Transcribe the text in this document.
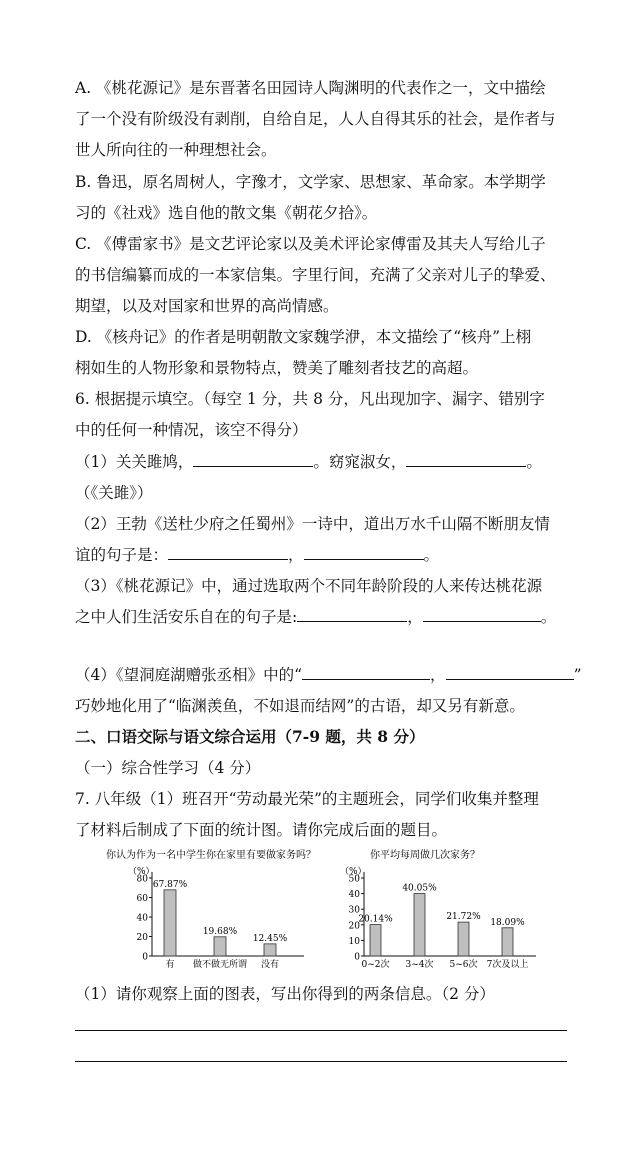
A. 《桃花源记》是东晋著名田园诗人陶渊明的代表作之一，文中描绘
了一个没有阶级没有剥削，自给自足，人人自得其乐的社会，是作者与
世人所向往的一种理想社会。
B. 鲁迅，原名周树人，字豫才，文学家、思想家、革命家。本学期学
习的《社戏》选自他的散文集《朝花夕拾》。
C. 《傅雷家书》是文艺评论家以及美术评论家傅雷及其夫人写给儿子
的书信编纂而成的一本家信集。字里行间，充满了父亲对儿子的挚爱、
期望，以及对国家和世界的高尚情感。
D. 《核舟记》的作者是明朝散文家魏学洢，本文描绘了“核舟”上栩
栩如生的人物形象和景物特点，赞美了雕刻者技艺的高超。
6. 根据提示填空。（每空 1 分，共 8 分，凡出现加字、漏字、错别字
中的任何一种情况，该空不得分）
（1）关关雎鸠，	。窈窕淑女，	。
（《关雎》）
（2）王勃《送杜少府之任蜀州》一诗中，道出万水千山隔不断朋友情
谊的句子是：	，	。
（3）《桃花源记》中，通过选取两个不同年龄阶段的人来传达桃花源
之中人们生活安乐自在的句子是:	，	。
（4）《望洞庭湖赠张丞相》中的“	，	”
巧妙地化用了“临渊羡鱼，不如退而结网”的古语，却又另有新意。
二、口语交际与语文综合运用（7-9 题，共 8 分）
（一）综合性学习（4 分）
7. 八年级（1）班召开“劳动最光荣”的主题班会，同学们收集并整理
了材料后制成了下面的统计图。请你完成后面的题目。
你认为作为一名中学生你在家里有要做家务吗？
（%）
0
20
40
60
80
67.87%
有
19.68%
做不做无所谓
12.45%
没有
你平均每周做几次家务？
（%）
0
10
20
30
40
50
20.14%
0~2次
40.05%
3~4次
21.72%
5~6次
18.09%
7次及以上
（1）请你观察上面的图表，写出你得到的两条信息。（2 分）
